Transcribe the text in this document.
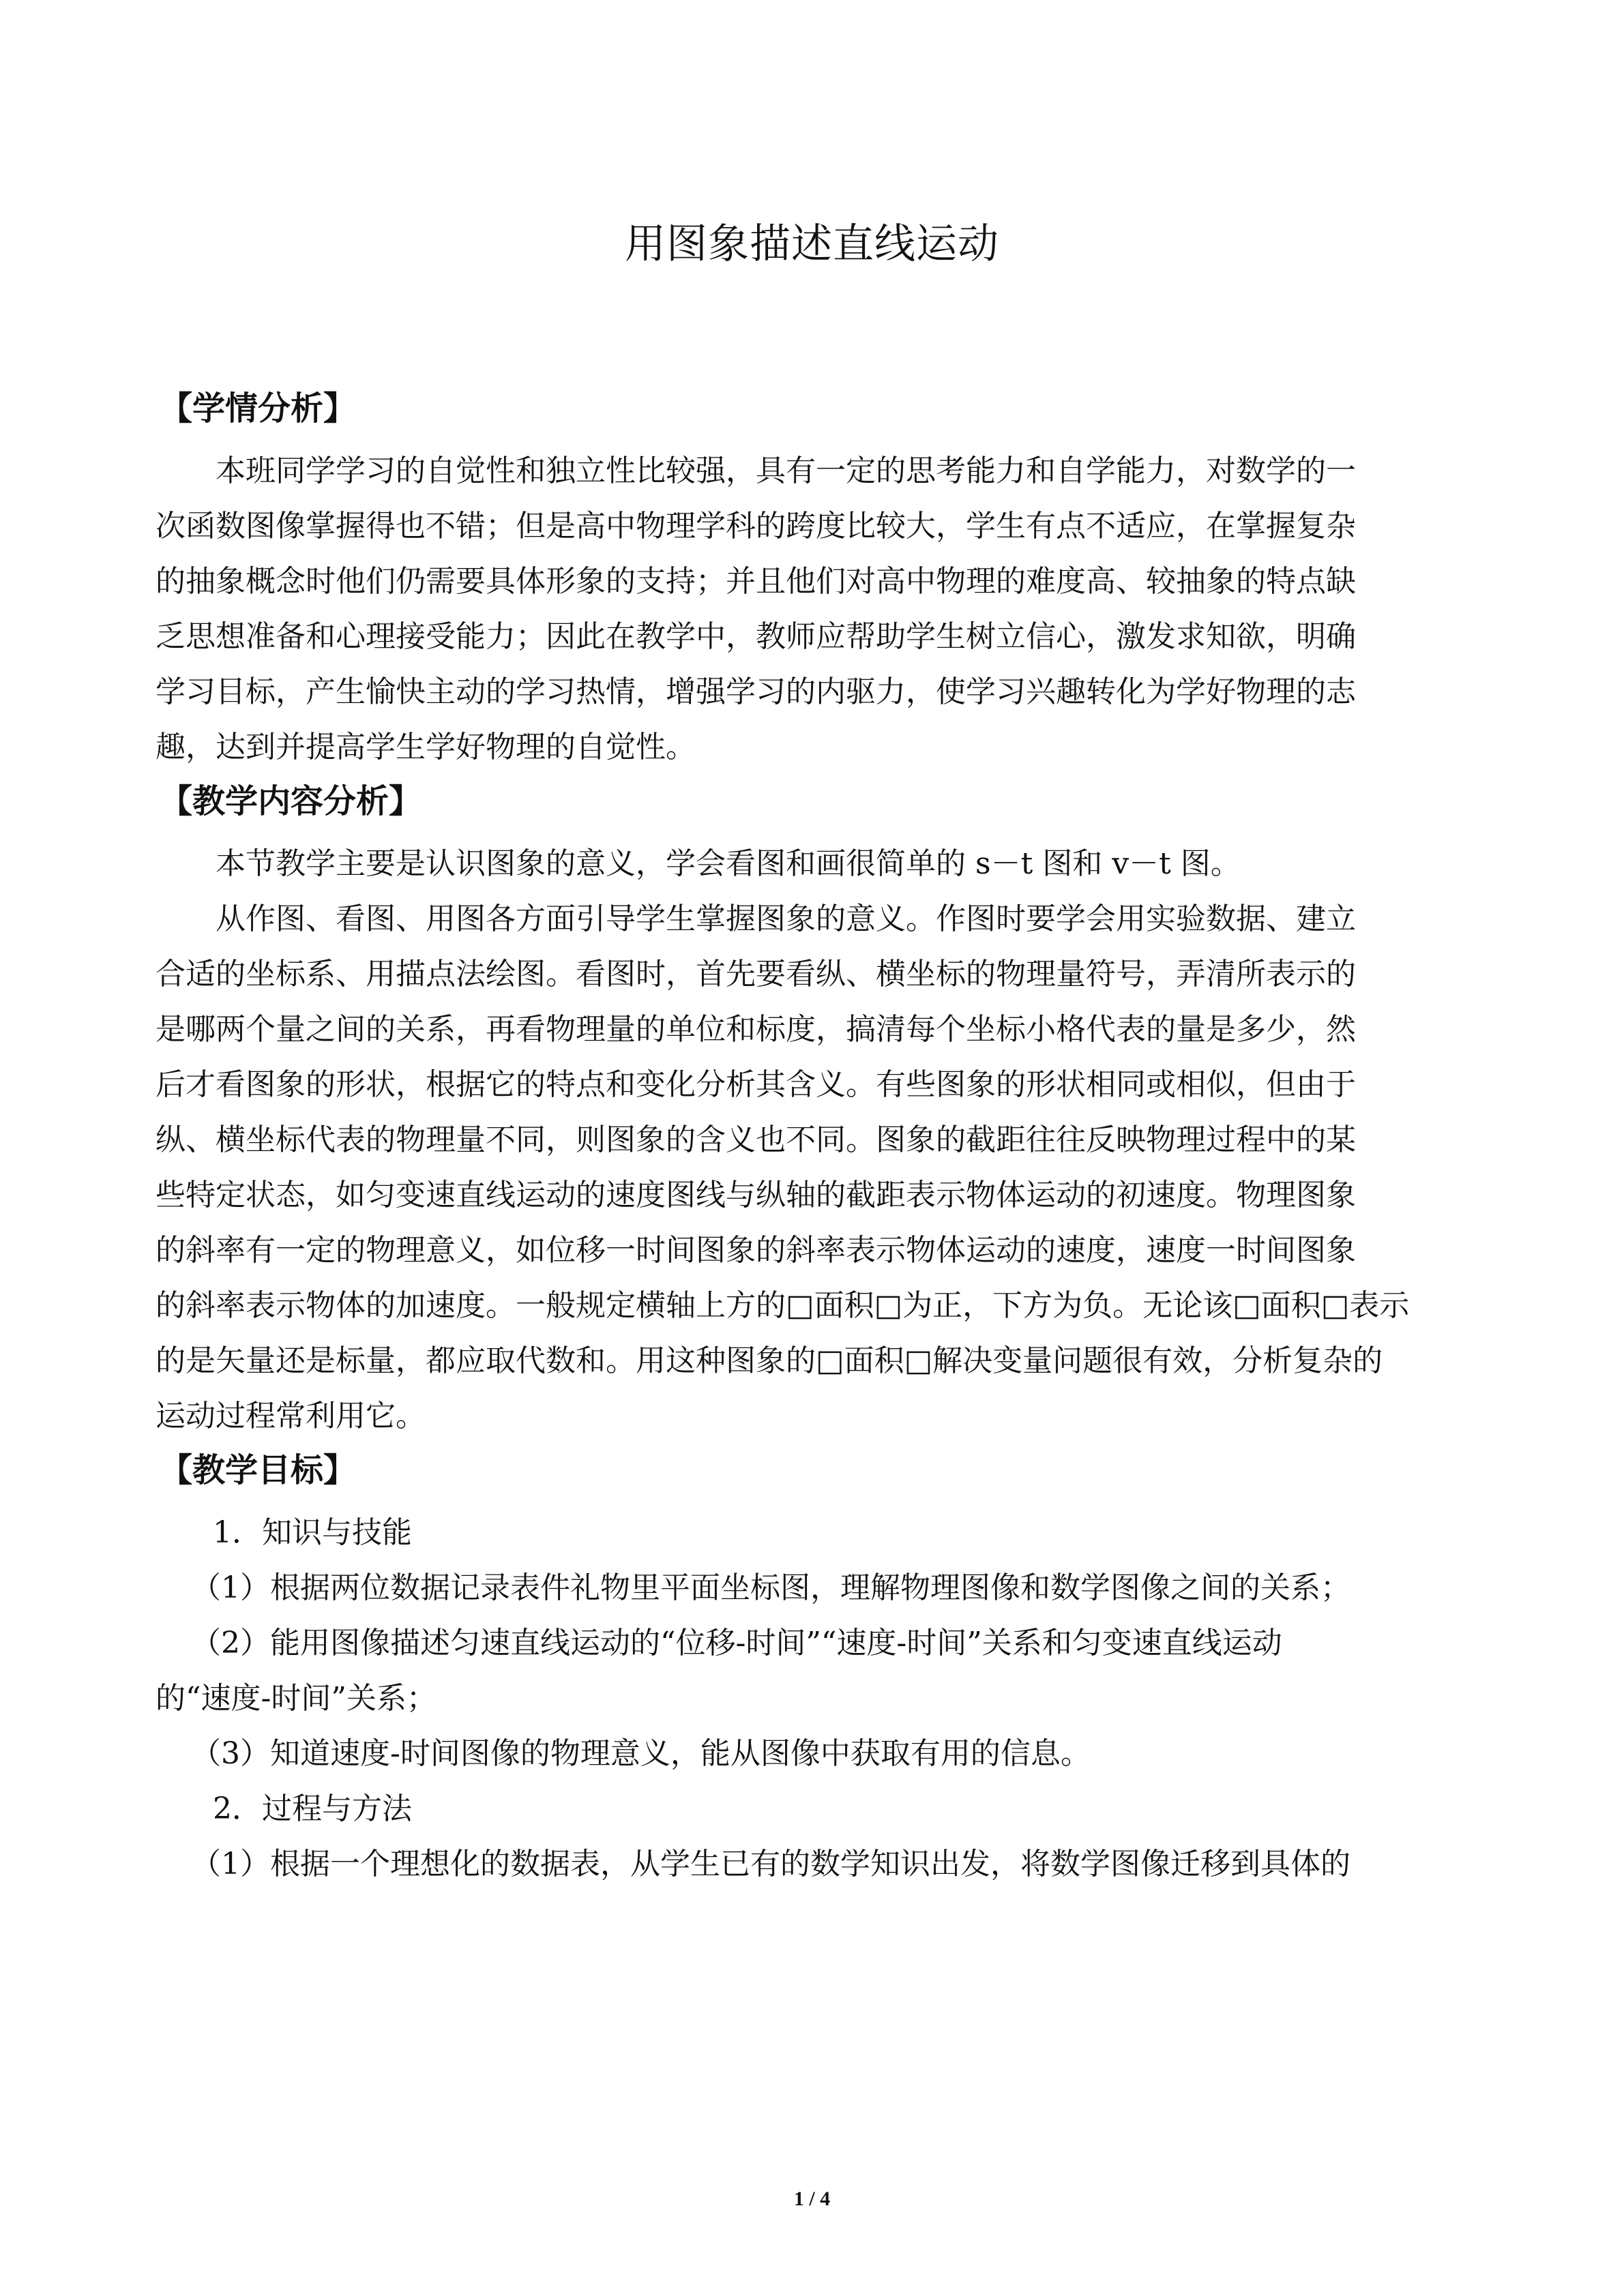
用图象描述直线运动
【学情分析】
本班同学学习的自觉性和独立性比较强，具有一定的思考能力和自学能力，对数学的一
次函数图像掌握得也不错；但是高中物理学科的跨度比较大，学生有点不适应，在掌握复杂
的抽象概念时他们仍需要具体形象的支持；并且他们对高中物理的难度高、较抽象的特点缺
乏思想准备和心理接受能力；因此在教学中，教师应帮助学生树立信心，激发求知欲，明确
学习目标，产生愉快主动的学习热情，增强学习的内驱力，使学习兴趣转化为学好物理的志
趣，达到并提高学生学好物理的自觉性。
【教学内容分析】
本节教学主要是认识图象的意义，学会看图和画很简单的 s－t 图和 v－t 图。
从作图、看图、用图各方面引导学生掌握图象的意义。作图时要学会用实验数据、建立
合适的坐标系、用描点法绘图。看图时，首先要看纵、横坐标的物理量符号，弄清所表示的
是哪两个量之间的关系，再看物理量的单位和标度，搞清每个坐标小格代表的量是多少，然
后才看图象的形状，根据它的特点和变化分析其含义。有些图象的形状相同或相似，但由于
纵、横坐标代表的物理量不同，则图象的含义也不同。图象的截距往往反映物理过程中的某
些特定状态，如匀变速直线运动的速度图线与纵轴的截距表示物体运动的初速度。物理图象
的斜率有一定的物理意义，如位移一时间图象的斜率表示物体运动的速度，速度一时间图象
的斜率表示物体的加速度。一般规定横轴上方的□面积□为正，下方为负。无论该□面积□表示
的是矢量还是标量，都应取代数和。用这种图象的□面积□解决变量问题很有效，分析复杂的
运动过程常利用它。
【教学目标】
1．知识与技能
（1）根据两位数据记录表件礼物里平面坐标图，理解物理图像和数学图像之间的关系；
（2）能用图像描述匀速直线运动的“位移-时间”“速度-时间”关系和匀变速直线运动
的“速度-时间”关系；
（3）知道速度-时间图像的物理意义，能从图像中获取有用的信息。
2．过程与方法
（1）根据一个理想化的数据表，从学生已有的数学知识出发，将数学图像迁移到具体的
1 / 4
